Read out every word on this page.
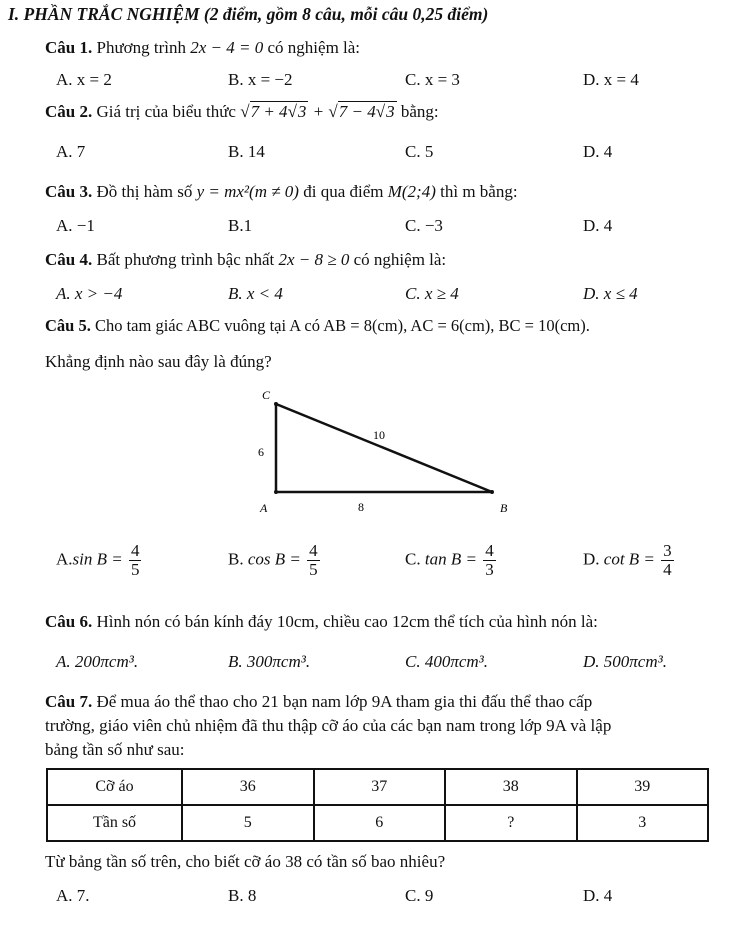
I. PHẦN TRẮC NGHIỆM (2 điểm, gồm 8 câu, mỗi câu 0,25 điểm)
Câu 1. Phương trình 2x − 4 = 0 có nghiệm là:
A. x = 2	B. x = −2	C. x = 3	D. x = 4
Câu 2. Giá trị của biểu thức √7 + 4√3 + √7 − 4√3 bằng:
A. 7	B. 14	C. 5	D. 4
Câu 3. Đồ thị hàm số y = mx²(m ≠ 0) đi qua điểm M(2;4) thì m bằng:
A. −1	B.1	C. −3	D. 4
Câu 4. Bất phương trình bậc nhất 2x − 8 ≥ 0 có nghiệm là:
A. x > −4	B. x < 4	C. x ≥ 4	D. x ≤ 4
Câu 5. Cho tam giác ABC vuông tại A có AB = 8(cm), AC = 6(cm), BC = 10(cm).
Khẳng định nào sau đây là đúng?
C
A	B
6
8
10
A.sin $B = \frac{4}{5}$	B. $\cos B = \frac{4}{5}$	C. $\tan B = \frac{4}{3}$	D. $\cot B = \frac{3}{4}$
Câu 6. Hình nón có bán kính đáy 10cm, chiều cao 12cm thể tích của hình nón là:
A. 200πcm³.	B. 300πcm³.	C. 400πcm³.	D. 500πcm³.
Câu 7. Để mua áo thể thao cho 21 bạn nam lớp 9A tham gia thi đấu thể thao cấp
trường, giáo viên chủ nhiệm đã thu thập cỡ áo của các bạn nam trong lớp 9A và lập
bảng tần số như sau:
Cỡ áo	36	37	38	39
Tần số	5	6	?	3
Từ bảng tần số trên, cho biết cỡ áo 38 có tần số bao nhiêu?
A. 7.	B. 8	C. 9	D. 4
